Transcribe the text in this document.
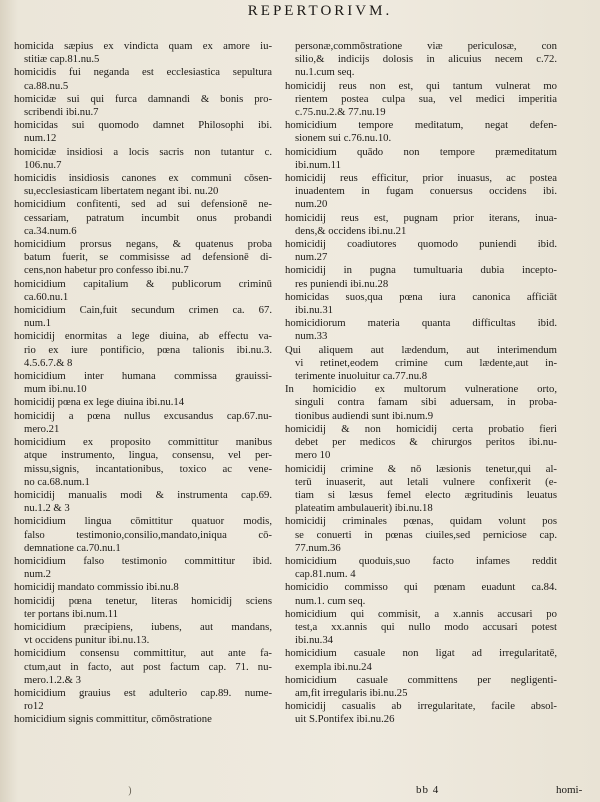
REPERTORIVM.
homicida sæpius ex vindicta quam ex amore iu-
stitiæ cap.81.nu.5
homicidis fui neganda est ecclesiastica sepultura
ca.88.nu.5
homicidæ sui qui furca damnandi & bonis pro-
scribendi ibi.nu.7
homicidas sui quomodo damnet Philosophi ibi.
num.12
homicidæ insidiosi a locis sacris non tutantur c.
106.nu.7
homicidis insidiosis canones ex communi cōsen-
su,ecclesiasticam libertatem negant ibi. nu.20
homicidium confitenti, sed ad sui defensionē ne-
cessariam, patratum incumbit onus probandi
ca.34.num.6
homicidium prorsus negans, & quatenus proba
batum fuerit, se commisisse ad defensionē di-
cens,non habetur pro confesso ibi.nu.7
homicidium capitalium & publicorum criminū
ca.60.nu.1
homicidium Cain,fuit secundum crimen ca. 67.
num.1
homicidij enormitas a lege diuina, ab effectu va-
rio ex iure pontificio, pœna talionis ibi.nu.3.
4.5.6.7.& 8
homicidium inter humana commissa grauissi-
mum ibi.nu.10
homicidij pœna ex lege diuina ibi.nu.14
homicidij a pœna nullus excusandus cap.67.nu-
mero.21
homicidium ex proposito committitur manibus
atque instrumento, lingua, consensu, vel per-
missu,signis, incantationibus, toxico ac vene-
no ca.68.num.1
homicidij manualis modi & instrumenta cap.69.
nu.1.2 & 3
homicidium lingua cōmittitur quatuor modis,
falso testimonio,consilio,mandato,iniqua cō-
demnatione ca.70.nu.1
homicidium falso testimonio committitur ibid.
num.2
homicidij mandato commissio ibi.nu.8
homicidij pœna tenetur, literas homicidij sciens
ter portans ibi.num.11
homicidium præcipiens, iubens, aut mandans,
vt occidens punitur ibi.nu.13.
homicidium consensu committitur, aut ante fa-
ctum,aut in facto, aut post factum cap. 71. nu-
mero.1.2.& 3
homicidium grauius est adulterio cap.89. nume-
ro12
homicidium signis committitur, cōmōstratione
personæ,commōstratione viæ periculosæ, con
silio,& indicijs dolosis in alicuius necem c.72.
nu.1.cum seq.
homicidij reus non est, qui tantum vulnerat mo
rientem postea culpa sua, vel medici imperitia
c.75.nu.2.& 77.nu.19
homicidium tempore meditatum, negat defen-
sionem sui c.76.nu.10.
homicidium quādo non tempore præmeditatum
ibi.num.11
homicidij reus efficitur, prior inuasus, ac postea
inuadentem in fugam conuersus occidens ibi.
num.20
homicidij reus est, pugnam prior iterans, inua-
dens,& occidens ibi.nu.21
homicidij coadiutores quomodo puniendi ibid.
num.27
homicidij in pugna tumultuaria dubia incepto-
res puniendi ibi.nu.28
homicidas suos,qua pœna iura canonica afficiāt
ibi.nu.31
homicidiorum materia quanta difficultas ibid.
num.33
Qui aliquem aut lædendum, aut interimendum
vi retinet,eodem crimine cum lædente,aut in-
terimente inuoluitur ca.77.nu.8
In homicidio ex multorum vulneratione orto,
singuli contra famam sibi aduersam, in proba-
tionibus audiendi sunt ibi.num.9
homicidij & non homicidij certa probatio fieri
debet per medicos & chirurgos peritos ibi.nu-
mero 10
homicidij crimine & nō læsionis tenetur,qui al-
terū inuaserit, aut letali vulnere confixerit (e-
tiam si læsus femel electo ægritudinis leuatus
plateatim ambulauerit) ibi.nu.18
homicidij criminales pœnas, quidam volunt pos
se conuerti in pœnas ciuiles,sed perniciose cap.
77.num.36
homicidium quoduis,suo facto infames reddit
cap.81.num. 4
homicidio commisso qui pœnam euadunt ca.84.
num.1. cum seq.
homicidium qui commisit, a x.annis accusari po
test,a xx.annis qui nullo modo accusari potest
ibi.nu.34
homicidium casuale non ligat ad irregularitatē,
exempla ibi.nu.24
homicidium casuale committens per negligenti-
am,fit irregularis ibi.nu.25
homicidij casualis ab irregularitate, facile absol-
uit S.Pontifex ibi.nu.26
)	bb 4	homi-
